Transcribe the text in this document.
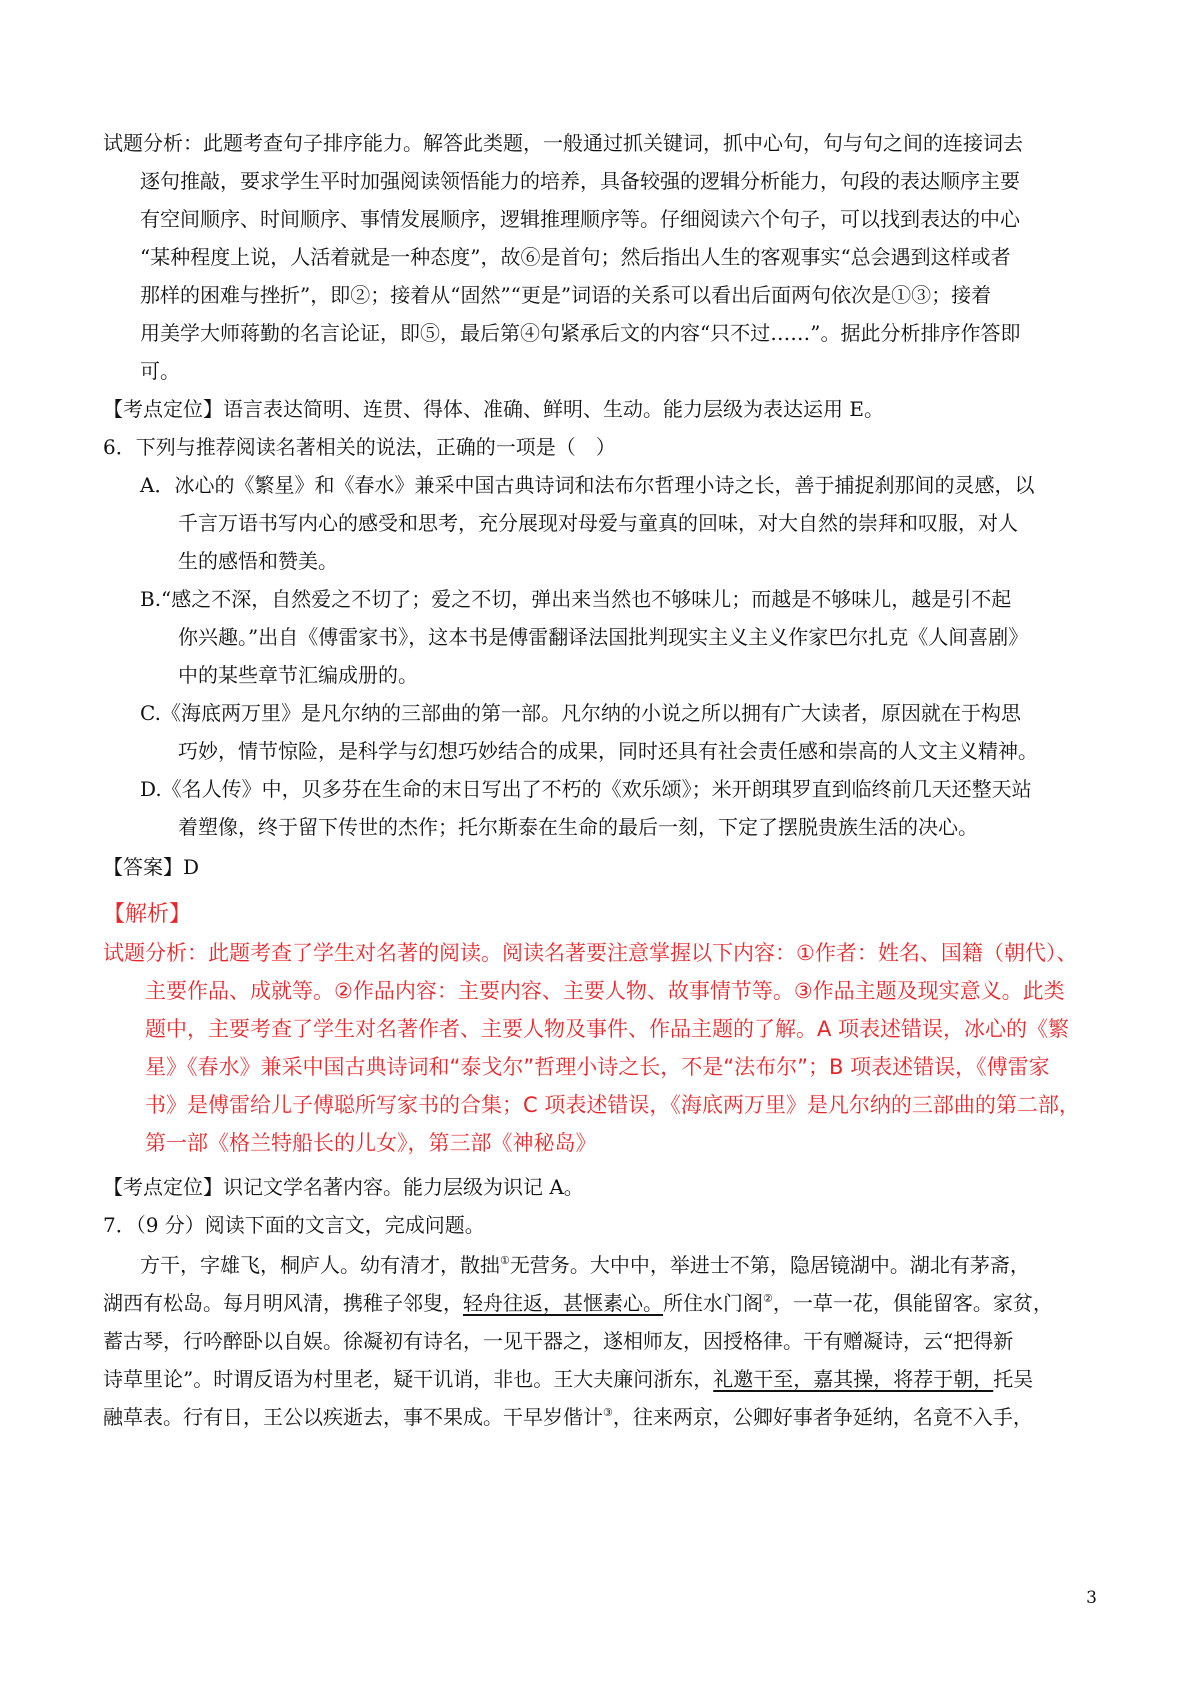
试题分析：此题考查句子排序能力。解答此类题，一般通过抓关键词，抓中心句，句与句之间的连接词去
逐句推敲，要求学生平时加强阅读领悟能力的培养，具备较强的逻辑分析能力，句段的表达顺序主要
有空间顺序、时间顺序、事情发展顺序，逻辑推理顺序等。仔细阅读六个句子，可以找到表达的中心
“某种程度上说，人活着就是一种态度”，故⑥是首句；然后指出人生的客观事实“总会遇到这样或者
那样的困难与挫折”，即②；接着从“固然”“更是”词语的关系可以看出后面两句依次是①③；接着
用美学大师蒋勤的名言论证，即⑤，最后第④句紧承后文的内容“只不过……”。据此分析排序作答即
可。
【考点定位】语言表达简明、连贯、得体、准确、鲜明、生动。能力层级为表达运用 E。
6．下列与推荐阅读名著相关的说法，正确的一项是（　）
A．冰心的《繁星》和《春水》兼采中国古典诗词和法布尔哲理小诗之长，善于捕捉刹那间的灵感，以
千言万语书写内心的感受和思考，充分展现对母爱与童真的回味，对大自然的崇拜和叹服，对人
生的感悟和赞美。
B.“感之不深，自然爱之不切了；爱之不切，弹出来当然也不够味儿；而越是不够味儿，越是引不起
你兴趣。”出自《傅雷家书》，这本书是傅雷翻译法国批判现实主义主义作家巴尔扎克《人间喜剧》
中的某些章节汇编成册的。
C.《海底两万里》是凡尔纳的三部曲的第一部。凡尔纳的小说之所以拥有广大读者，原因就在于构思
巧妙，情节惊险，是科学与幻想巧妙结合的成果，同时还具有社会责任感和崇高的人文主义精神。
D.《名人传》中，贝多芬在生命的末日写出了不朽的《欢乐颂》；米开朗琪罗直到临终前几天还整天站
着塑像，终于留下传世的杰作；托尔斯泰在生命的最后一刻，下定了摆脱贵族生活的决心。
【答案】D
【解析】
试题分析：此题考查了学生对名著的阅读。阅读名著要注意掌握以下内容：①作者：姓名、国籍（朝代）、
主要作品、成就等。②作品内容：主要内容、主要人物、故事情节等。③作品主题及现实意义。此类
题中，主要考查了学生对名著作者、主要人物及事件、作品主题的了解。A 项表述错误，冰心的《繁
星》《春水》兼采中国古典诗词和“泰戈尔”哲理小诗之长，不是“法布尔”；B 项表述错误，《傅雷家
书》是傅雷给儿子傅聪所写家书的合集；C 项表述错误，《海底两万里》是凡尔纳的三部曲的第二部，
第一部《格兰特船长的儿女》，第三部《神秘岛》
【考点定位】识记文学名著内容。能力层级为识记 A。
7．（9 分）阅读下面的文言文，完成问题。
方干，字雄飞，桐庐人。幼有清才，散拙①无营务。大中中，举进士不第，隐居镜湖中。湖北有茅斋，
湖西有松岛。每月明风清，携稚子邻叟，轻舟往返，甚惬素心。所住水门阁②，一草一花，俱能留客。家贫，
蓄古琴，行吟醉卧以自娱。徐凝初有诗名，一见干器之，遂相师友，因授格律。干有赠凝诗，云“把得新
诗草里论”。时谓反语为村里老，疑干讥诮，非也。王大夫廉问浙东，礼邀干至，嘉其操，将荐于朝，托吴
融草表。行有日，王公以疾逝去，事不果成。干早岁偕计③，往来两京，公卿好事者争延纳，名竟不入手，
3
